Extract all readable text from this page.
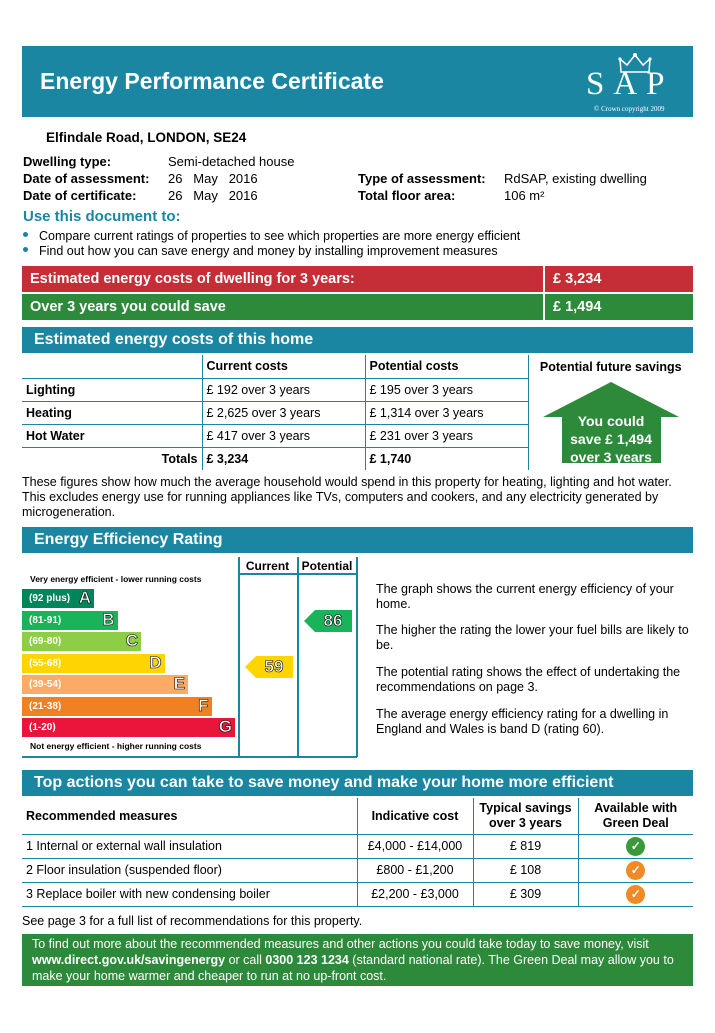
Energy Performance Certificate	SAP
© Crown copyright 2009
Elfindale Road, LONDON, SE24
Dwelling type:	Semi-detached house
Date of assessment: 26   May   2016
Date of certificate: 26   May   2016
Type of assessment: RdSAP, existing dwelling
Total floor area:	106 m²
Use this document to:
Compare current ratings of properties to see which properties are more energy efficient
Find out how you can save energy and money by installing improvement measures
Estimated energy costs of dwelling for 3 years:	£ 3,234
Over 3 years you could save	£ 1,494
Estimated energy costs of this home
	Current costs	Potential costs	Potential future savings
Lighting	£ 192 over 3 years	£ 195 over 3 years	You could
save £ 1,494
over 3 years

Heating	£ 2,625 over 3 years	£ 1,314 over 3 years	
Hot Water	£ 417 over 3 years	£ 231 over 3 years	
Totals	£ 3,234	£ 1,740	
These figures show how much the average household would spend in this property for heating, lighting and hot water. This excludes energy use for running appliances like TVs, computers and cookers, and any electricity generated by microgeneration.
Energy Efficiency Rating
Current	Potential
Very energy efficient - lower running costs
Not energy efficient - higher running costs
(92 plus) A
(81-91) B
(69-80)	C
(55-68)	D
(39-54)	E
(21-38)	F
(1-20)	G
59
86
The graph shows the current energy efficiency of your home.
The higher the rating the lower your fuel bills are likely to be.
The potential rating shows the effect of undertaking the recommendations on page 3.
The average energy efficiency rating for a dwelling in England and Wales is band D (rating 60).
Top actions you can take to save money and make your home more efficient
Recommended measures	Indicative cost	Typical savings over 3 years	Available with Green Deal
1 Internal or external wall insulation	£4,000 - £14,000	£ 819	✓
2 Floor insulation (suspended floor)	£800 - £1,200	£ 108	✓
3 Replace boiler with new condensing boiler	£2,200 - £3,000	£ 309	✓
See page 3 for a full list of recommendations for this property.
To find out more about the recommended measures and other actions you could take today to save money, visit
www.direct.gov.uk/savingenergy or call 0300 123 1234 (standard national rate). The Green Deal may allow you to make your home warmer and cheaper to run at no up-front cost.
